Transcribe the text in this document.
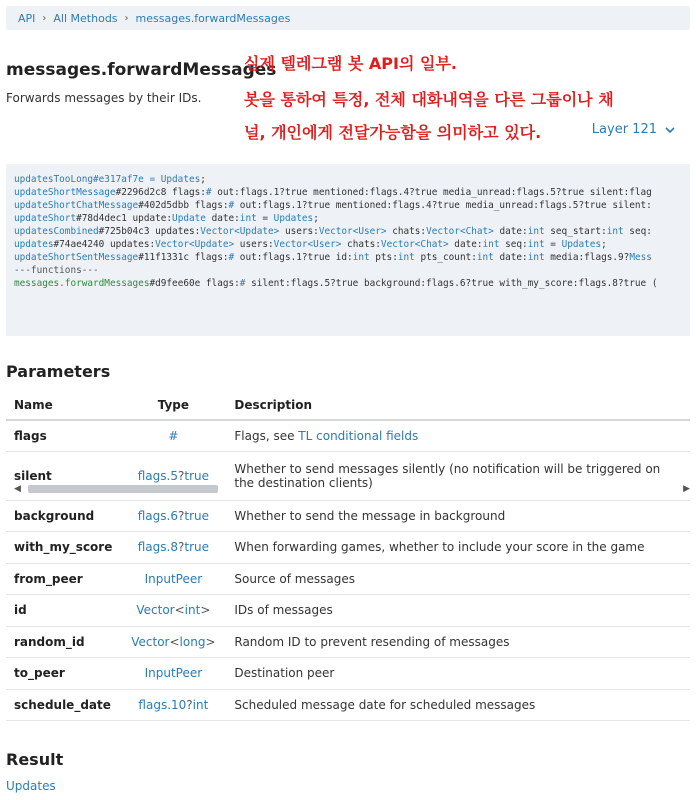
API › All Methods › messages.forwardMessages
messages.forwardMessages
Forwards messages by their IDs.
실제 텔레그램 봇 API의 일부.
봇을 통하여 특정, 전체 대화내역을 다른 그룹이나 채
널, 개인에게 전달가능함을 의미하고 있다.	Layer 121
updatesTooLong#e317af7e = Updates;
updateShortMessage#2296d2c8 flags:# out:flags.1?true mentioned:flags.4?true media_unread:flags.5?true silent:flag
updateShortChatMessage#402d5dbb flags:# out:flags.1?true mentioned:flags.4?true media_unread:flags.5?true silent:
updateShort#78d4dec1 update:Update date:int = Updates;
updatesCombined#725b04c3 updates:Vector<Update> users:Vector<User> chats:Vector<Chat> date:int seq_start:int seq:
updates#74ae4240 updates:Vector<Update> users:Vector<User> chats:Vector<Chat> date:int seq:int = Updates;
updateShortSentMessage#11f1331c flags:# out:flags.1?true id:int pts:int pts_count:int date:int media:flags.9?Mess
---functions---
messages.forwardMessages#d9fee60e flags:# silent:flags.5?true background:flags.6?true with_my_score:flags.8?true (

◀	▶
Parameters
Name	Type	Description
flags	#	Flags, see TL conditional fields
silent	flags.5?true	Whether to send messages silently (no notification will be triggered on the destination clients)
background	flags.6?true	Whether to send the message in background
with_my_score	flags.8?true	When forwarding games, whether to include your score in the game
from_peer	InputPeer	Source of messages
id	Vector<int>	IDs of messages
random_id	Vector<long>	Random ID to prevent resending of messages
to_peer	InputPeer	Destination peer
schedule_date	flags.10?int	Scheduled message date for scheduled messages
Result
Updates
